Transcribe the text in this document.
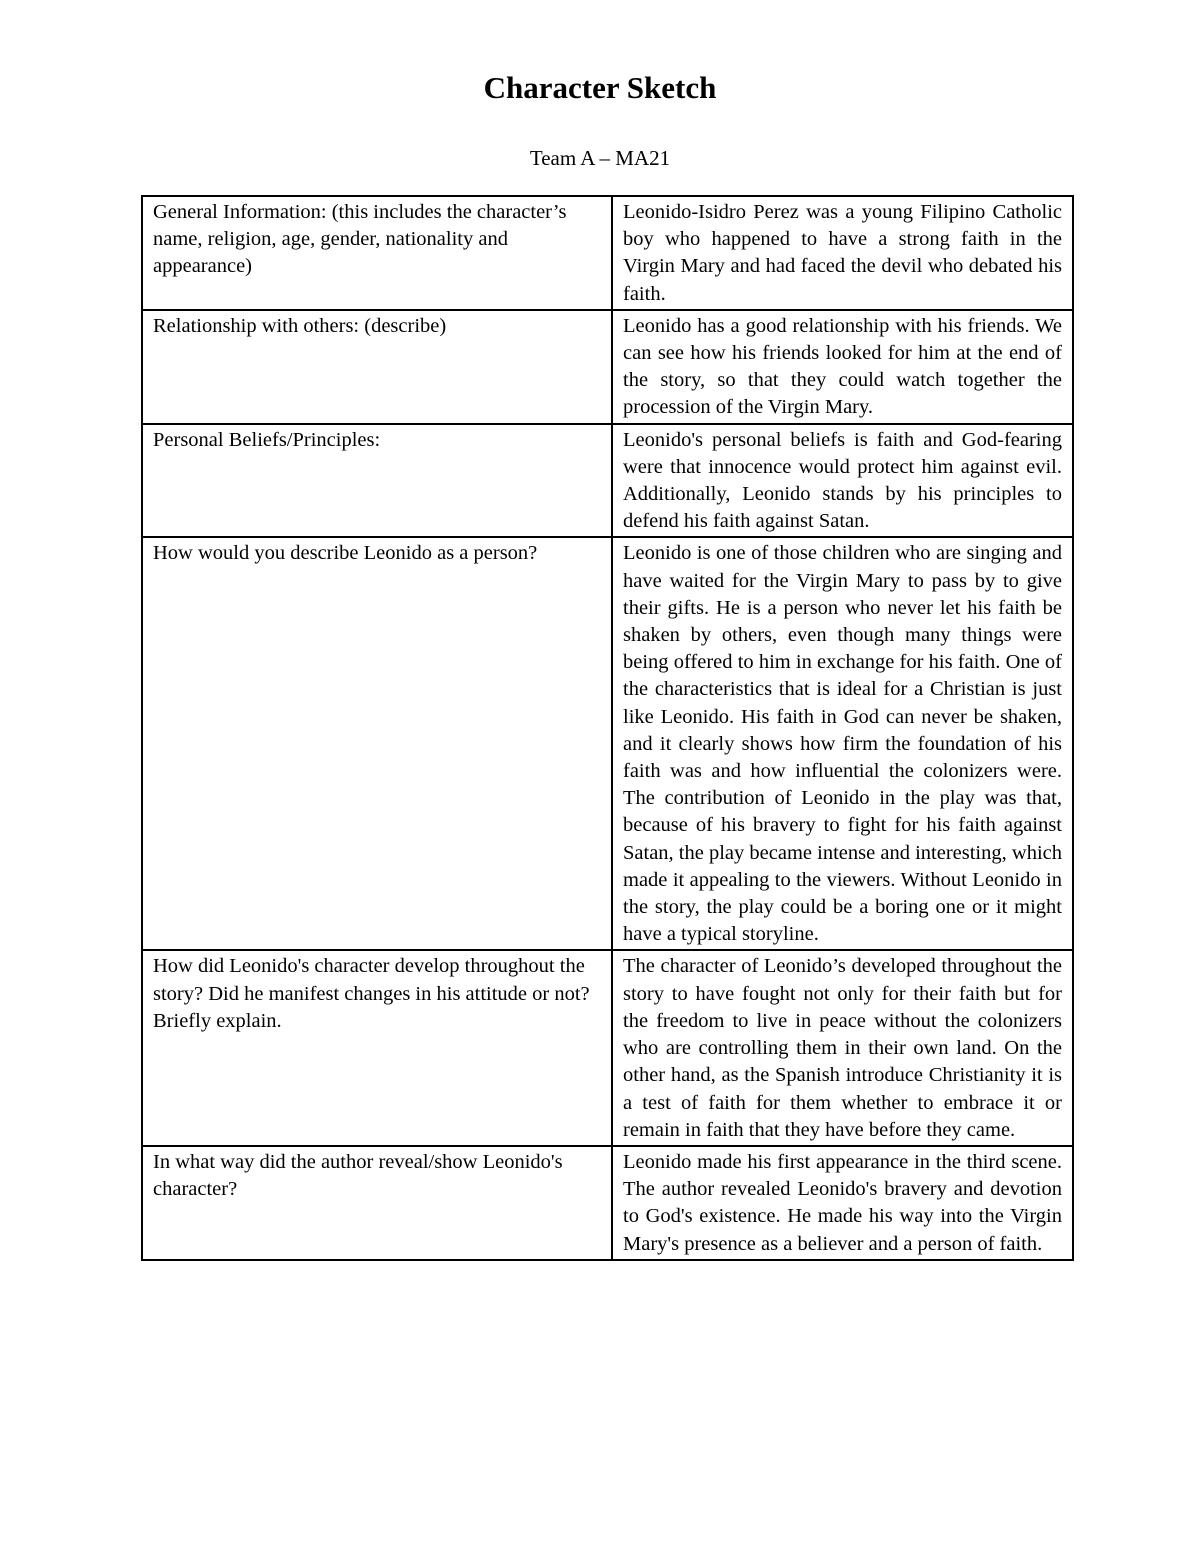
Character Sketch

Team A – MA21

General Information: (this includes the character’s name, religion, age, gender, nationality and appearance)	Leonido-Isidro Perez was a young Filipino Catholic boy who happened to have a strong faith in the Virgin Mary and had faced the devil who debated his faith.
Relationship with others: (describe)	Leonido has a good relationship with his friends. We can see how his friends looked for him at the end of the story, so that they could watch together the procession of the Virgin Mary.
Personal Beliefs/Principles:	Leonido's personal beliefs is faith and God-fearing were that innocence would protect him against evil. Additionally, Leonido stands by his principles to defend his faith against Satan.
How would you describe Leonido as a person?	Leonido is one of those children who are singing and have waited for the Virgin Mary to pass by to give their gifts. He is a person who never let his faith be shaken by others, even though many things were being offered to him in exchange for his faith. One of the characteristics that is ideal for a Christian is just like Leonido. His faith in God can never be shaken, and it clearly shows how firm the foundation of his faith was and how influential the colonizers were. The contribution of Leonido in the play was that, because of his bravery to fight for his faith against Satan, the play became intense and interesting, which made it appealing to the viewers. Without Leonido in the story, the play could be a boring one or it might have a typical storyline.
How did Leonido's character develop throughout the story? Did he manifest changes in his attitude or not? Briefly explain.	The character of Leonido’s developed throughout the story to have fought not only for their faith but for the freedom to live in peace without the colonizers who are controlling them in their own land. On the other hand, as the Spanish introduce Christianity it is a test of faith for them whether to embrace it or remain in faith that they have before they came.
In what way did the author reveal/show Leonido's character?	Leonido made his first appearance in the third scene. The author revealed Leonido's bravery and devotion to God's existence. He made his way into the Virgin Mary's presence as a believer and a person of faith.
